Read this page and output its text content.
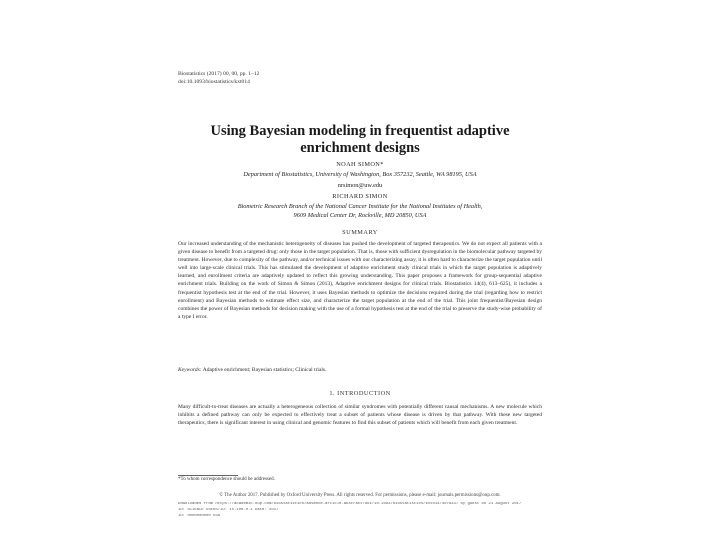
Biostatistics (2017) 00, 00, pp. 1–12
doi:10.1093/biostatistics/kxt014
Using Bayesian modeling in frequentist adaptive
enrichment designs
NOAH SIMON*
Department of Biostatistics, University of Washington, Box 357232, Seattle, WA 98195, USA
nrsimon@uw.edu
RICHARD SIMON
Biometric Research Branch of the National Cancer Institute for the National Institutes of Health,
9609 Medical Center Dr, Rockville, MD 20850, USA
SUMMARY
Our increased understanding of the mechanistic heterogeneity of diseases has pushed the development of targeted therapeutics. We do not expect all patients with a given disease to benefit from a targeted drug: only those in the target population. That is, those with sufficient dysregulation in the biomolecular pathway targeted by treatment. However, due to complexity of the pathway, and/or technical issues with our characterizing assay, it is often hard to characterize the target population until well into large-scale clinical trials. This has stimulated the development of adaptive enrichment study clinical trials in which the target population is adaptively learned, and enrollment criteria are adaptively updated to reflect this growing understanding. This paper proposes a framework for group-sequential adaptive enrichment trials. Building on the work of Simon & Simon (2013), Adaptive enrichment designs for clinical trials. Biostatistics 14(4), 613–625), it includes a frequentist hypothesis test at the end of the trial. However, it uses Bayesian methods to optimize the decisions required during the trial (regarding how to restrict enrollment) and Bayesian methods to estimate effect size, and characterize the target population at the end of the trial. This joint frequentist/Bayesian design combines the power of Bayesian methods for decision making with the use of a formal hypothesis test at the end of the trial to preserve the study-wise probability of a type I error.
Keywords: Adaptive enrichment; Bayesian statistics; Clinical trials.
1. INTRODUCTION
Many difficult-to-treat diseases are actually a heterogeneous collection of similar syndromes with potentially different causal mechanisms. A new molecule which inhibits a defined pathway can only be expected to effectively treat a subset of patients whose disease is driven by that pathway. With these new targeted therapeutics, there is significant interest in using clinical and genomic features to find this subset of patients which will benefit from each given treatment.
*To whom correspondence should be addressed.
© The Author 2017. Published by Oxford University Press. All rights reserved. For permissions, please e-mail: journals.permissions@oup.com.
Downloaded from https://academic.oup.com/biostatistics/advance-article-abstract/doi/10.1093/biostatistics/kxt014/4078337 by guest on 21 August 2017
ID: SCIENCE USERS/ID: 15.100.0.1 Date: 2017
ID: 0000000000 USA
